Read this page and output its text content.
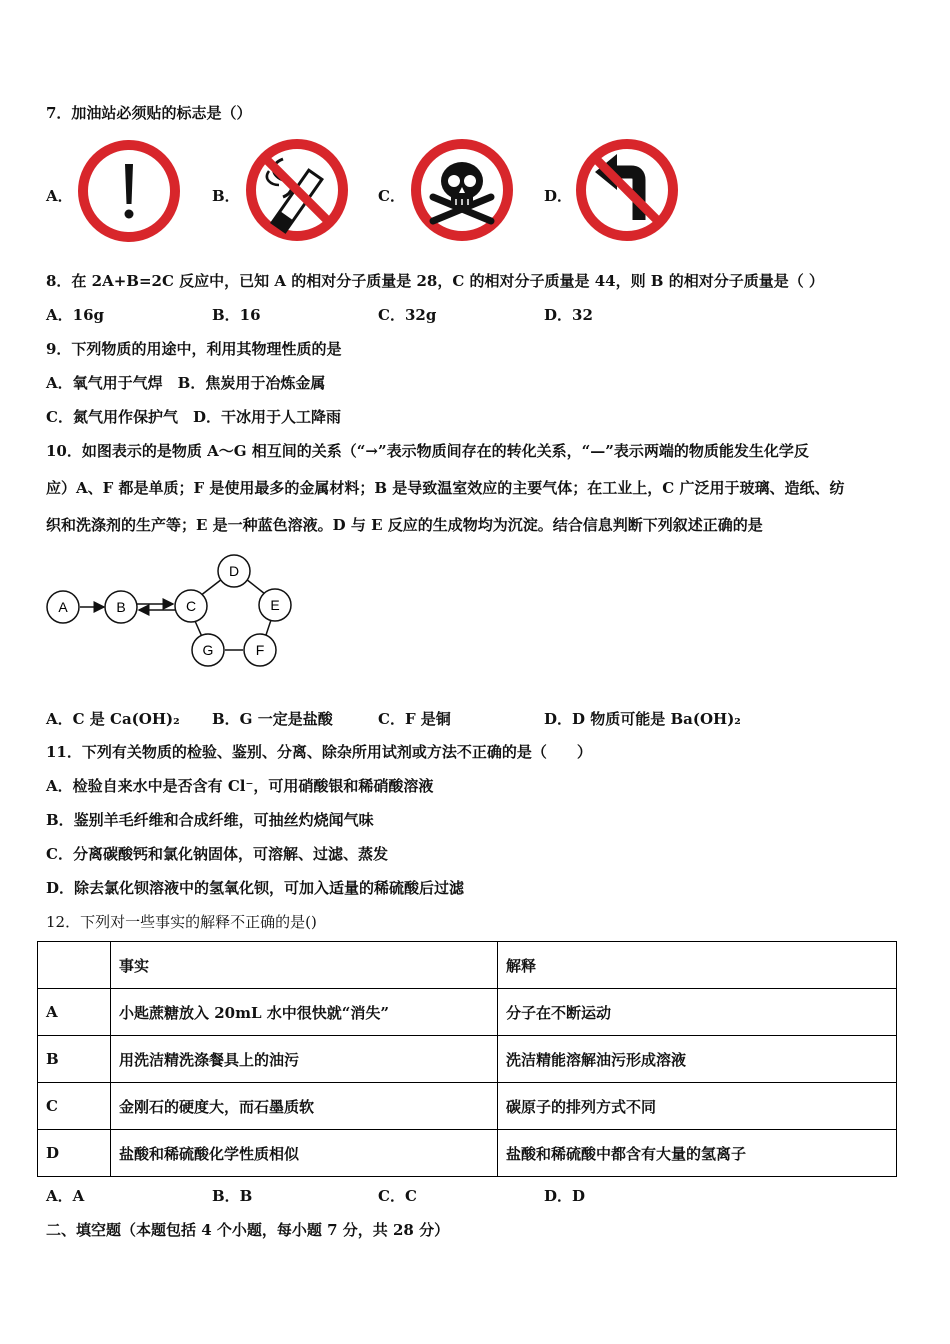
7．加油站必须贴的标志是（）
A．	B．	C．	D．
8．在 2A+B=2C 反应中，已知 A 的相对分子质量是 28，C 的相对分子质量是 44，则 B 的相对分子质量是（ ）
A．16g	B．16	C．32g	D．32
9．下列物质的用途中，利用其物理性质的是
A．氧气用于气焊　B．焦炭用于冶炼金属
C．氮气用作保护气　D．干冰用于人工降雨
10．如图表示的是物质 A～G 相互间的关系（“→”表示物质间存在的转化关系，“—”表示两端的物质能发生化学反
应）A、F 都是单质；F 是使用最多的金属材料；B 是导致温室效应的主要气体；在工业上，C 广泛用于玻璃、造纸、纺
织和洗涤剂的生产等；E 是一种蓝色溶液。D 与 E 反应的生成物均为沉淀。结合信息判断下列叙述正确的是
A	B	C
D
E
F
G
A．C 是 Ca(OH)₂ B．G 一定是盐酸	C．F 是铜	D．D 物质可能是 Ba(OH)₂
11．下列有关物质的检验、鉴别、分离、除杂所用试剂或方法不正确的是（　　）
A．检验自来水中是否含有 Cl⁻，可用硝酸银和稀硝酸溶液
B．鉴别羊毛纤维和合成纤维，可抽丝灼烧闻气味
C．分离碳酸钙和氯化钠固体，可溶解、过滤、蒸发
D．除去氯化钡溶液中的氢氧化钡，可加入适量的稀硫酸后过滤
12．下列对一些事实的解释不正确的是()
	事实	解释
A	小匙蔗糖放入 20mL 水中很快就“消失”	分子在不断运动
B	用洗洁精洗涤餐具上的油污	洗洁精能溶解油污形成溶液
C	金刚石的硬度大，而石墨质软	碳原子的排列方式不同
D	盐酸和稀硫酸化学性质相似	盐酸和稀硫酸中都含有大量的氢离子
A．A	B．B	C．C	D．D
二、填空题（本题包括 4 个小题，每小题 7 分，共 28 分）
